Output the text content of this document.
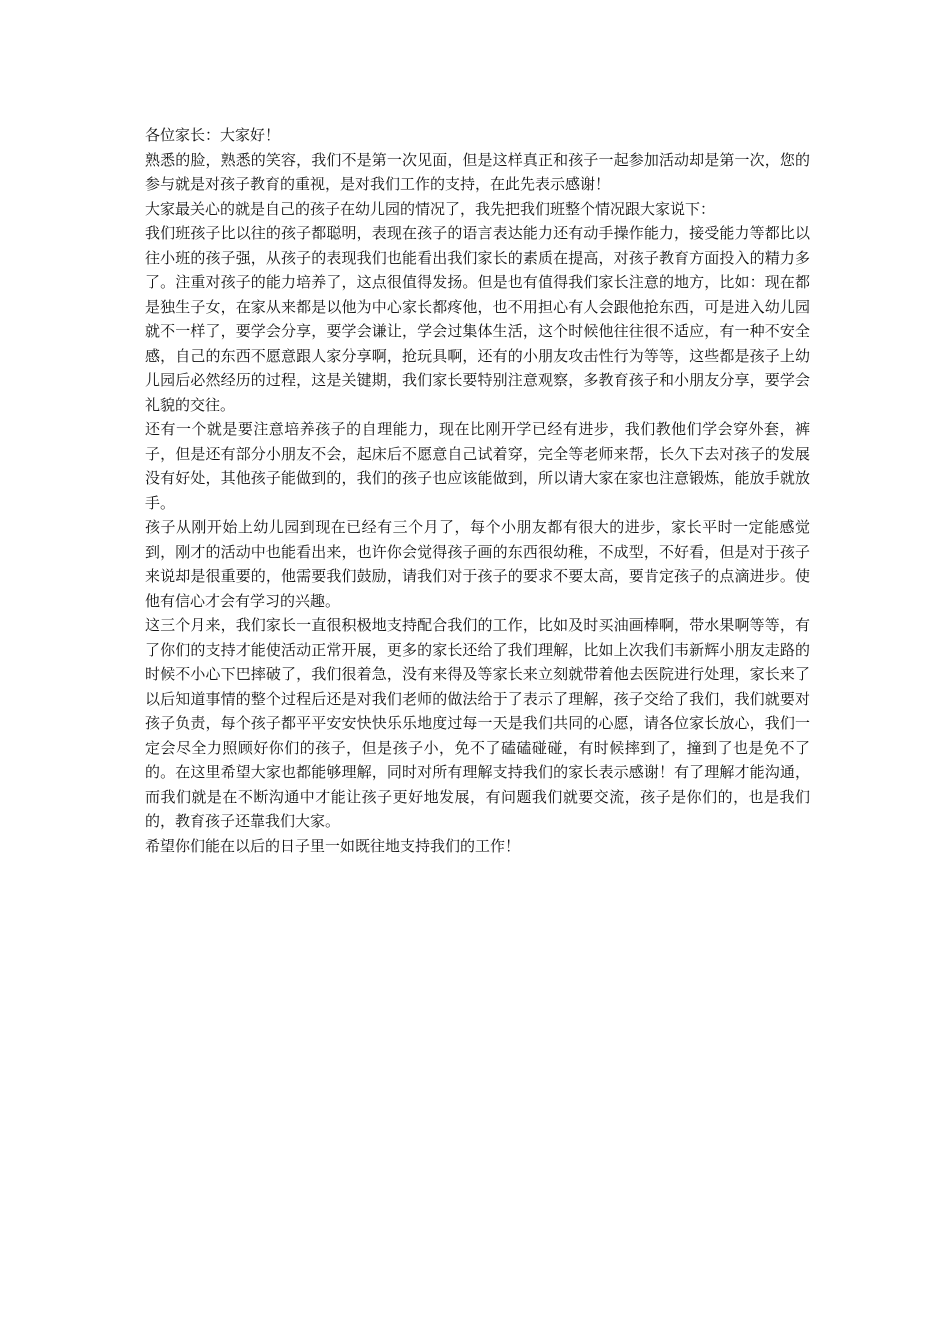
各位家长：大家好！

熟悉的脸，熟悉的笑容，我们不是第一次见面，但是这样真正和孩子一起参加活动却是第一次，您的参与就是对孩子教育的重视，是对我们工作的支持，在此先表示感谢！

大家最关心的就是自己的孩子在幼儿园的情况了，我先把我们班整个情况跟大家说下：

我们班孩子比以往的孩子都聪明，表现在孩子的语言表达能力还有动手操作能力，接受能力等都比以往小班的孩子强，从孩子的表现我们也能看出我们家长的素质在提高，对孩子教育方面投入的精力多了。注重对孩子的能力培养了，这点很值得发扬。但是也有值得我们家长注意的地方，比如：现在都是独生子女，在家从来都是以他为中心家长都疼他，也不用担心有人会跟他抢东西，可是进入幼儿园就不一样了，要学会分享，要学会谦让，学会过集体生活，这个时候他往往很不适应，有一种不安全感，自己的东西不愿意跟人家分享啊，抢玩具啊，还有的小朋友攻击性行为等等，这些都是孩子上幼儿园后必然经历的过程，这是关键期，我们家长要特别注意观察，多教育孩子和小朋友分享，要学会礼貌的交往。

还有一个就是要注意培养孩子的自理能力，现在比刚开学已经有进步，我们教他们学会穿外套，裤子，但是还有部分小朋友不会，起床后不愿意自己试着穿，完全等老师来帮，长久下去对孩子的发展没有好处，其他孩子能做到的，我们的孩子也应该能做到，所以请大家在家也注意锻炼，能放手就放手。

孩子从刚开始上幼儿园到现在已经有三个月了，每个小朋友都有很大的进步，家长平时一定能感觉到，刚才的活动中也能看出来，也许你会觉得孩子画的东西很幼稚，不成型，不好看，但是对于孩子来说却是很重要的，他需要我们鼓励，请我们对于孩子的要求不要太高，要肯定孩子的点滴进步。使他有信心才会有学习的兴趣。

这三个月来，我们家长一直很积极地支持配合我们的工作，比如及时买油画棒啊，带水果啊等等，有了你们的支持才能使活动正常开展，更多的家长还给了我们理解，比如上次我们韦新辉小朋友走路的时候不小心下巴摔破了，我们很着急，没有来得及等家长来立刻就带着他去医院进行处理，家长来了以后知道事情的整个过程后还是对我们老师的做法给于了表示了理解，孩子交给了我们，我们就要对孩子负责，每个孩子都平平安安快快乐乐地度过每一天是我们共同的心愿，请各位家长放心，我们一定会尽全力照顾好你们的孩子，但是孩子小，免不了磕磕碰碰，有时候摔到了，撞到了也是免不了的。在这里希望大家也都能够理解，同时对所有理解支持我们的家长表示感谢！有了理解才能沟通，而我们就是在不断沟通中才能让孩子更好地发展，有问题我们就要交流，孩子是你们的，也是我们的，教育孩子还靠我们大家。

希望你们能在以后的日子里一如既往地支持我们的工作！
